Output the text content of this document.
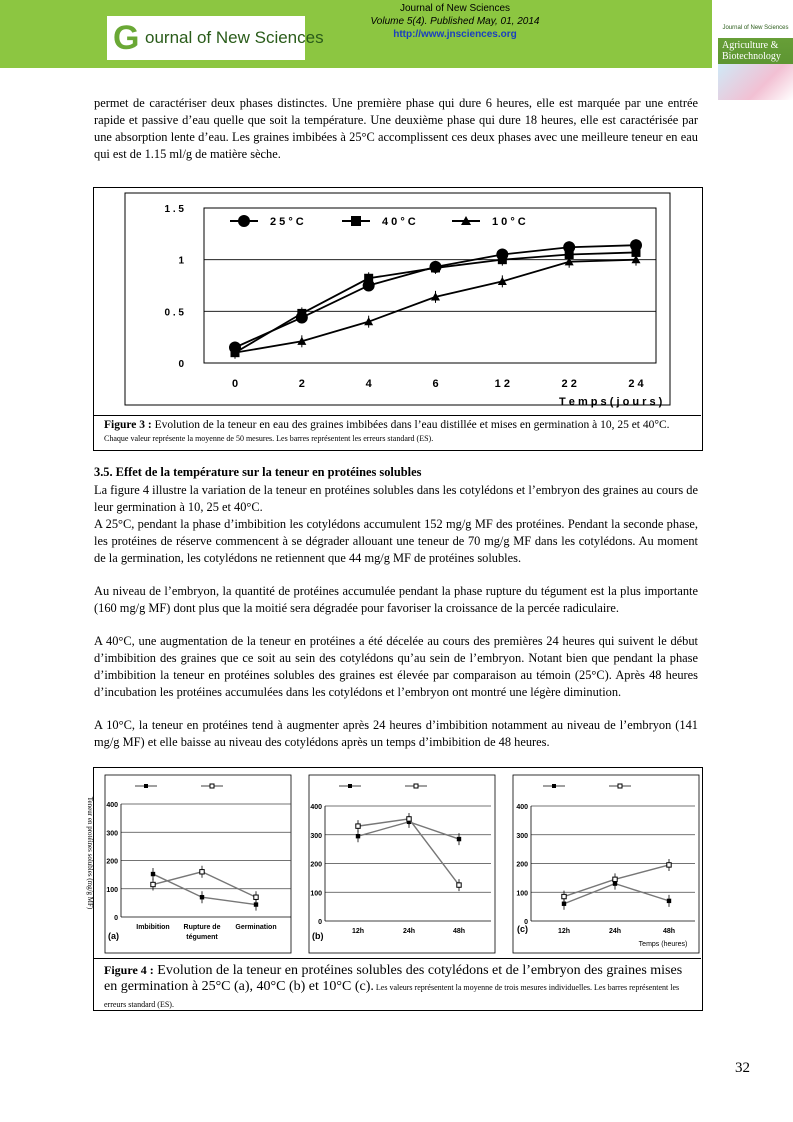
G ournal of New Sciences
Journal of New Sciences
Volume 5(4). Published May, 01, 2014
http://www.jnsciences.org
Journal of New Sciences
Agriculture & Biotechnology

permet de caractériser deux phases distinctes. Une première phase qui dure 6 heures, elle est marquée par une entrée rapide et passive d’eau quelle que soit la température. Une deuxième phase qui dure 18 heures, elle est caractérisée par une absorption lente d’eau. Les graines imbibées à 25°C accomplissent ces deux phases avec une meilleure teneur en eau qui est de 1.15 ml/g de matière sèche.

0
0 . 5
1
1 . 5
0	2	4	6	1 2	2 2	2 4
T e m p s ( j o u r s )
2 5 ° C	4 0 ° C	1 0 ° C
Figure 3 : Evolution de la teneur en eau des graines imbibées dans l’eau distillée et mises en germination à 10, 25 et 40°C. Chaque valeur représente la moyenne de 50 mesures. Les barres représentent les erreurs standard (ES).
3.5. Effet de la température sur la teneur en protéines solubles

La figure 4 illustre la variation de la teneur en protéines solubles dans les cotylédons et l’embryon des graines au cours de leur germination à 10, 25 et 40°C.

A 25°C, pendant la phase d’imbibition les cotylédons accumulent 152 mg/g MF des protéines. Pendant la seconde phase, les protéines de réserve commencent à se dégrader allouant une teneur de 70 mg/g MF dans les cotylédons. Au moment de la germination, les cotylédons ne retiennent que 44 mg/g MF de protéines solubles.

Au niveau de l’embryon, la quantité de protéines accumulée pendant la phase rupture du tégument est la plus importante (160 mg/g MF) dont plus que la moitié sera dégradée pour favoriser la croissance de la percée radiculaire.

A 40°C, une augmentation de la teneur en protéines a été décelée au cours des premières 24 heures qui suivent le début d’imbibition des graines que ce soit au sein des cotylédons qu’au sein de l’embryon. Notant bien que pendant la phase d’imbibition la teneur en protéines solubles des graines est élevée par comparaison au témoin (25°C). Après 48 heures d’incubation les protéines accumulées dans les cotylédons et l’embryon ont montré une légère diminution.

A 10°C, la teneur en protéines tend à augmenter après 24 heures d’imbibition notamment au niveau de l’embryon (141 mg/g MF) et elle baisse au niveau des cotylédons après un temps d’imbibition de 48 heures.

0
100
200
300
400
Imbibition Rupture de
tégument
Germination
(a)
0
100
200
300
400
12h	24h	48h
(b)
0
100
200
300
400
12h	24h	48h
(c)
Temps (heures)
Figure 4 : Evolution de la teneur en protéines solubles des cotylédons et de l’embryon des graines mises en germination à 25°C (a), 40°C (b) et 10°C (c). Les valeurs représentent la moyenne de trois mesures individuelles. Les barres représentent les erreurs standard (ES).
Teneur en protéines solubles (mg/g MF)
32
